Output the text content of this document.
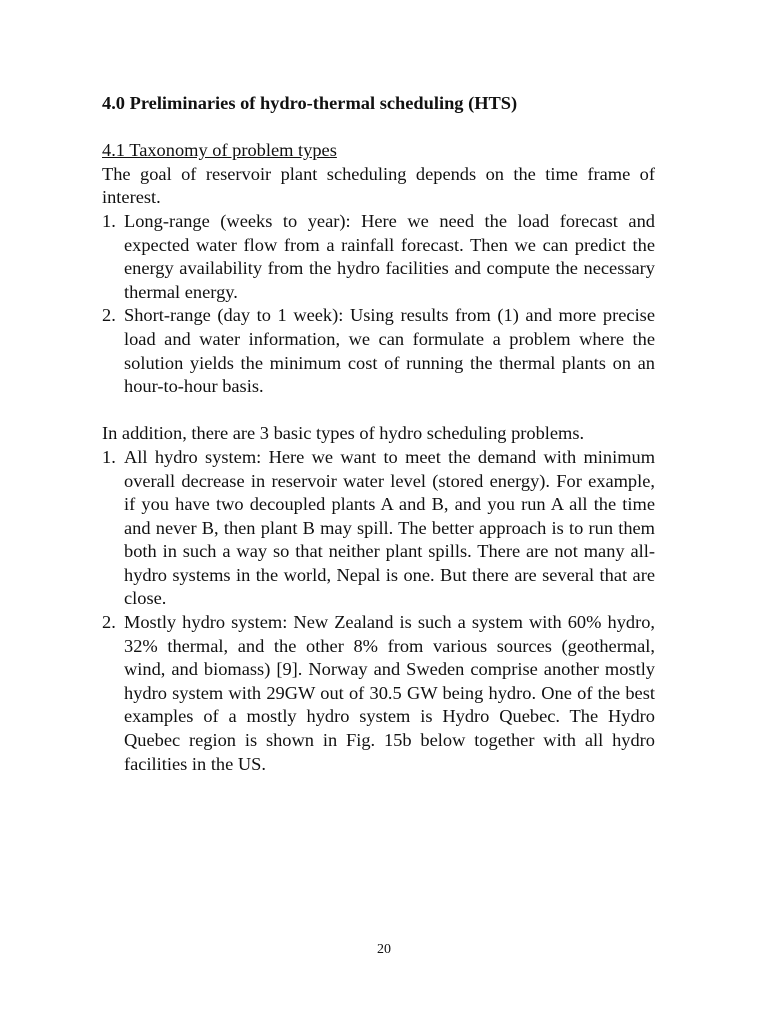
4.0 Preliminaries of hydro-thermal scheduling (HTS)

4.1 Taxonomy of problem types

The goal of reservoir plant scheduling depends on the time frame of interest.

1. Long-range (weeks to year): Here we need the load forecast and expected water flow from a rainfall forecast. Then we can predict the energy availability from the hydro facilities and compute the necessary thermal energy.
2. Short-range (day to 1 week): Using results from (1) and more precise load and water information, we can formulate a problem where the solution yields the minimum cost of running the thermal plants on an hour-to-hour basis.

In addition, there are 3 basic types of hydro scheduling problems.

1. All hydro system: Here we want to meet the demand with minimum overall decrease in reservoir water level (stored energy). For example, if you have two decoupled plants A and B, and you run A all the time and never B, then plant B may spill. The better approach is to run them both in such a way so that neither plant spills. There are not many all-hydro systems in the world, Nepal is one. But there are several that are close.
2. Mostly hydro system: New Zealand is such a system with 60% hydro, 32% thermal, and the other 8% from various sources (geothermal, wind, and biomass) [9]. Norway and Sweden comprise another mostly hydro system with 29GW out of 30.5 GW being hydro. One of the best examples of a mostly hydro system is Hydro Quebec. The Hydro Quebec region is shown in Fig. 15b below together with all hydro facilities in the US.
20
